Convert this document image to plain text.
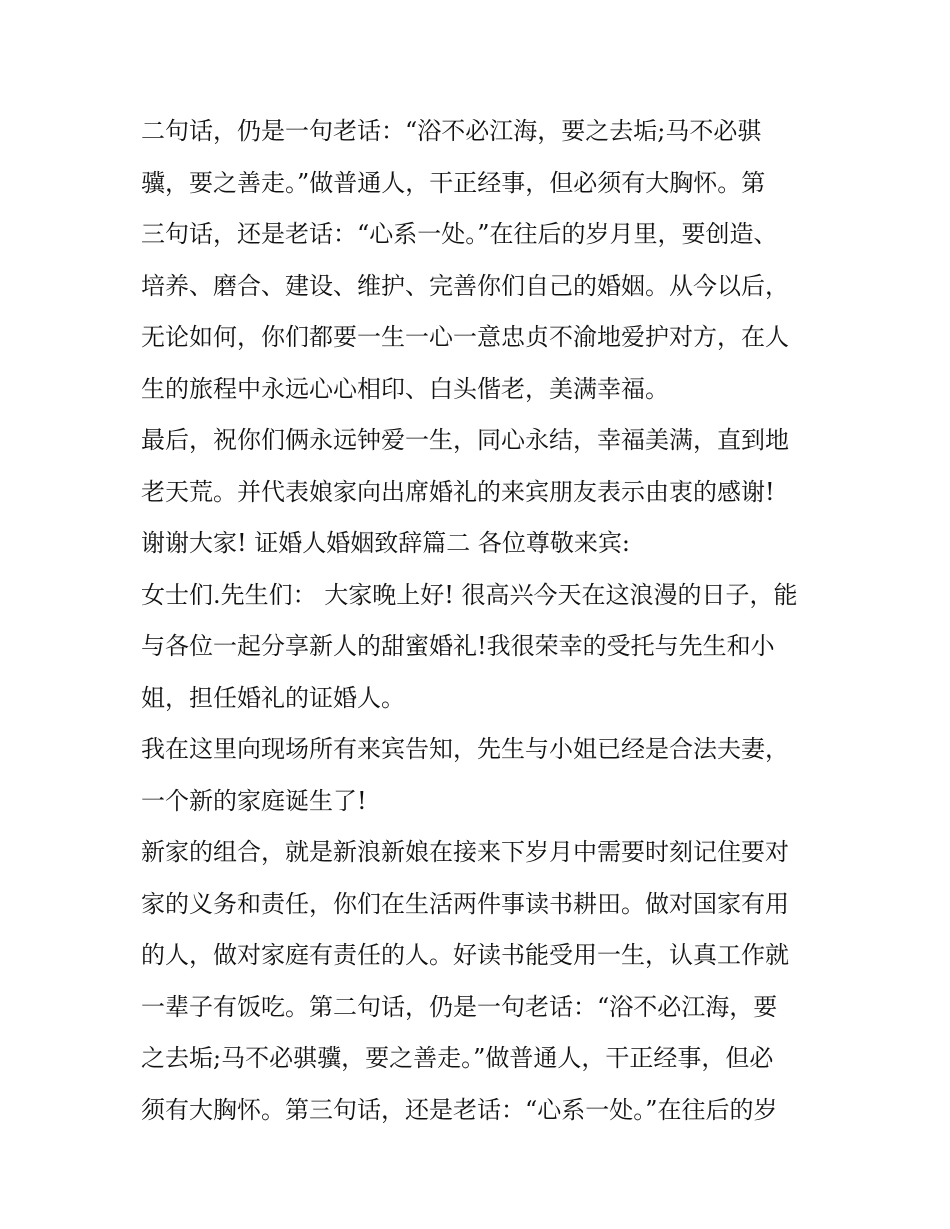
二句话，仍是一句老话：“浴不必江海，要之去垢;马不必骐
骥，要之善走。”做普通人，干正经事，但必须有大胸怀。第
三句话，还是老话：“心系一处。”在往后的岁月里，要创造、
培养、磨合、建设、维护、完善你们自己的婚姻。从今以后，
无论如何，你们都要一生一心一意忠贞不渝地爱护对方，在人
生的旅程中永远心心相印、白头偕老，美满幸福。
最后，祝你们俩永远钟爱一生，同心永结，幸福美满，直到地
老天荒。并代表娘家向出席婚礼的来宾朋友表示由衷的感谢!
谢谢大家! 证婚人婚姻致辞篇二 各位尊敬来宾:
女士们.先生们： 大家晚上好! 很高兴今天在这浪漫的日子，能
与各位一起分享新人的甜蜜婚礼!我很荣幸的受托与先生和小
姐，担任婚礼的证婚人。
我在这里向现场所有来宾告知，先生与小姐已经是合法夫妻，
一个新的家庭诞生了!
新家的组合，就是新浪新娘在接来下岁月中需要时刻记住要对
家的义务和责任，你们在生活两件事读书耕田。做对国家有用
的人，做对家庭有责任的人。好读书能受用一生，认真工作就
一辈子有饭吃。第二句话，仍是一句老话：“浴不必江海，要
之去垢;马不必骐骥，要之善走。”做普通人，干正经事，但必
须有大胸怀。第三句话，还是老话：“心系一处。”在往后的岁
